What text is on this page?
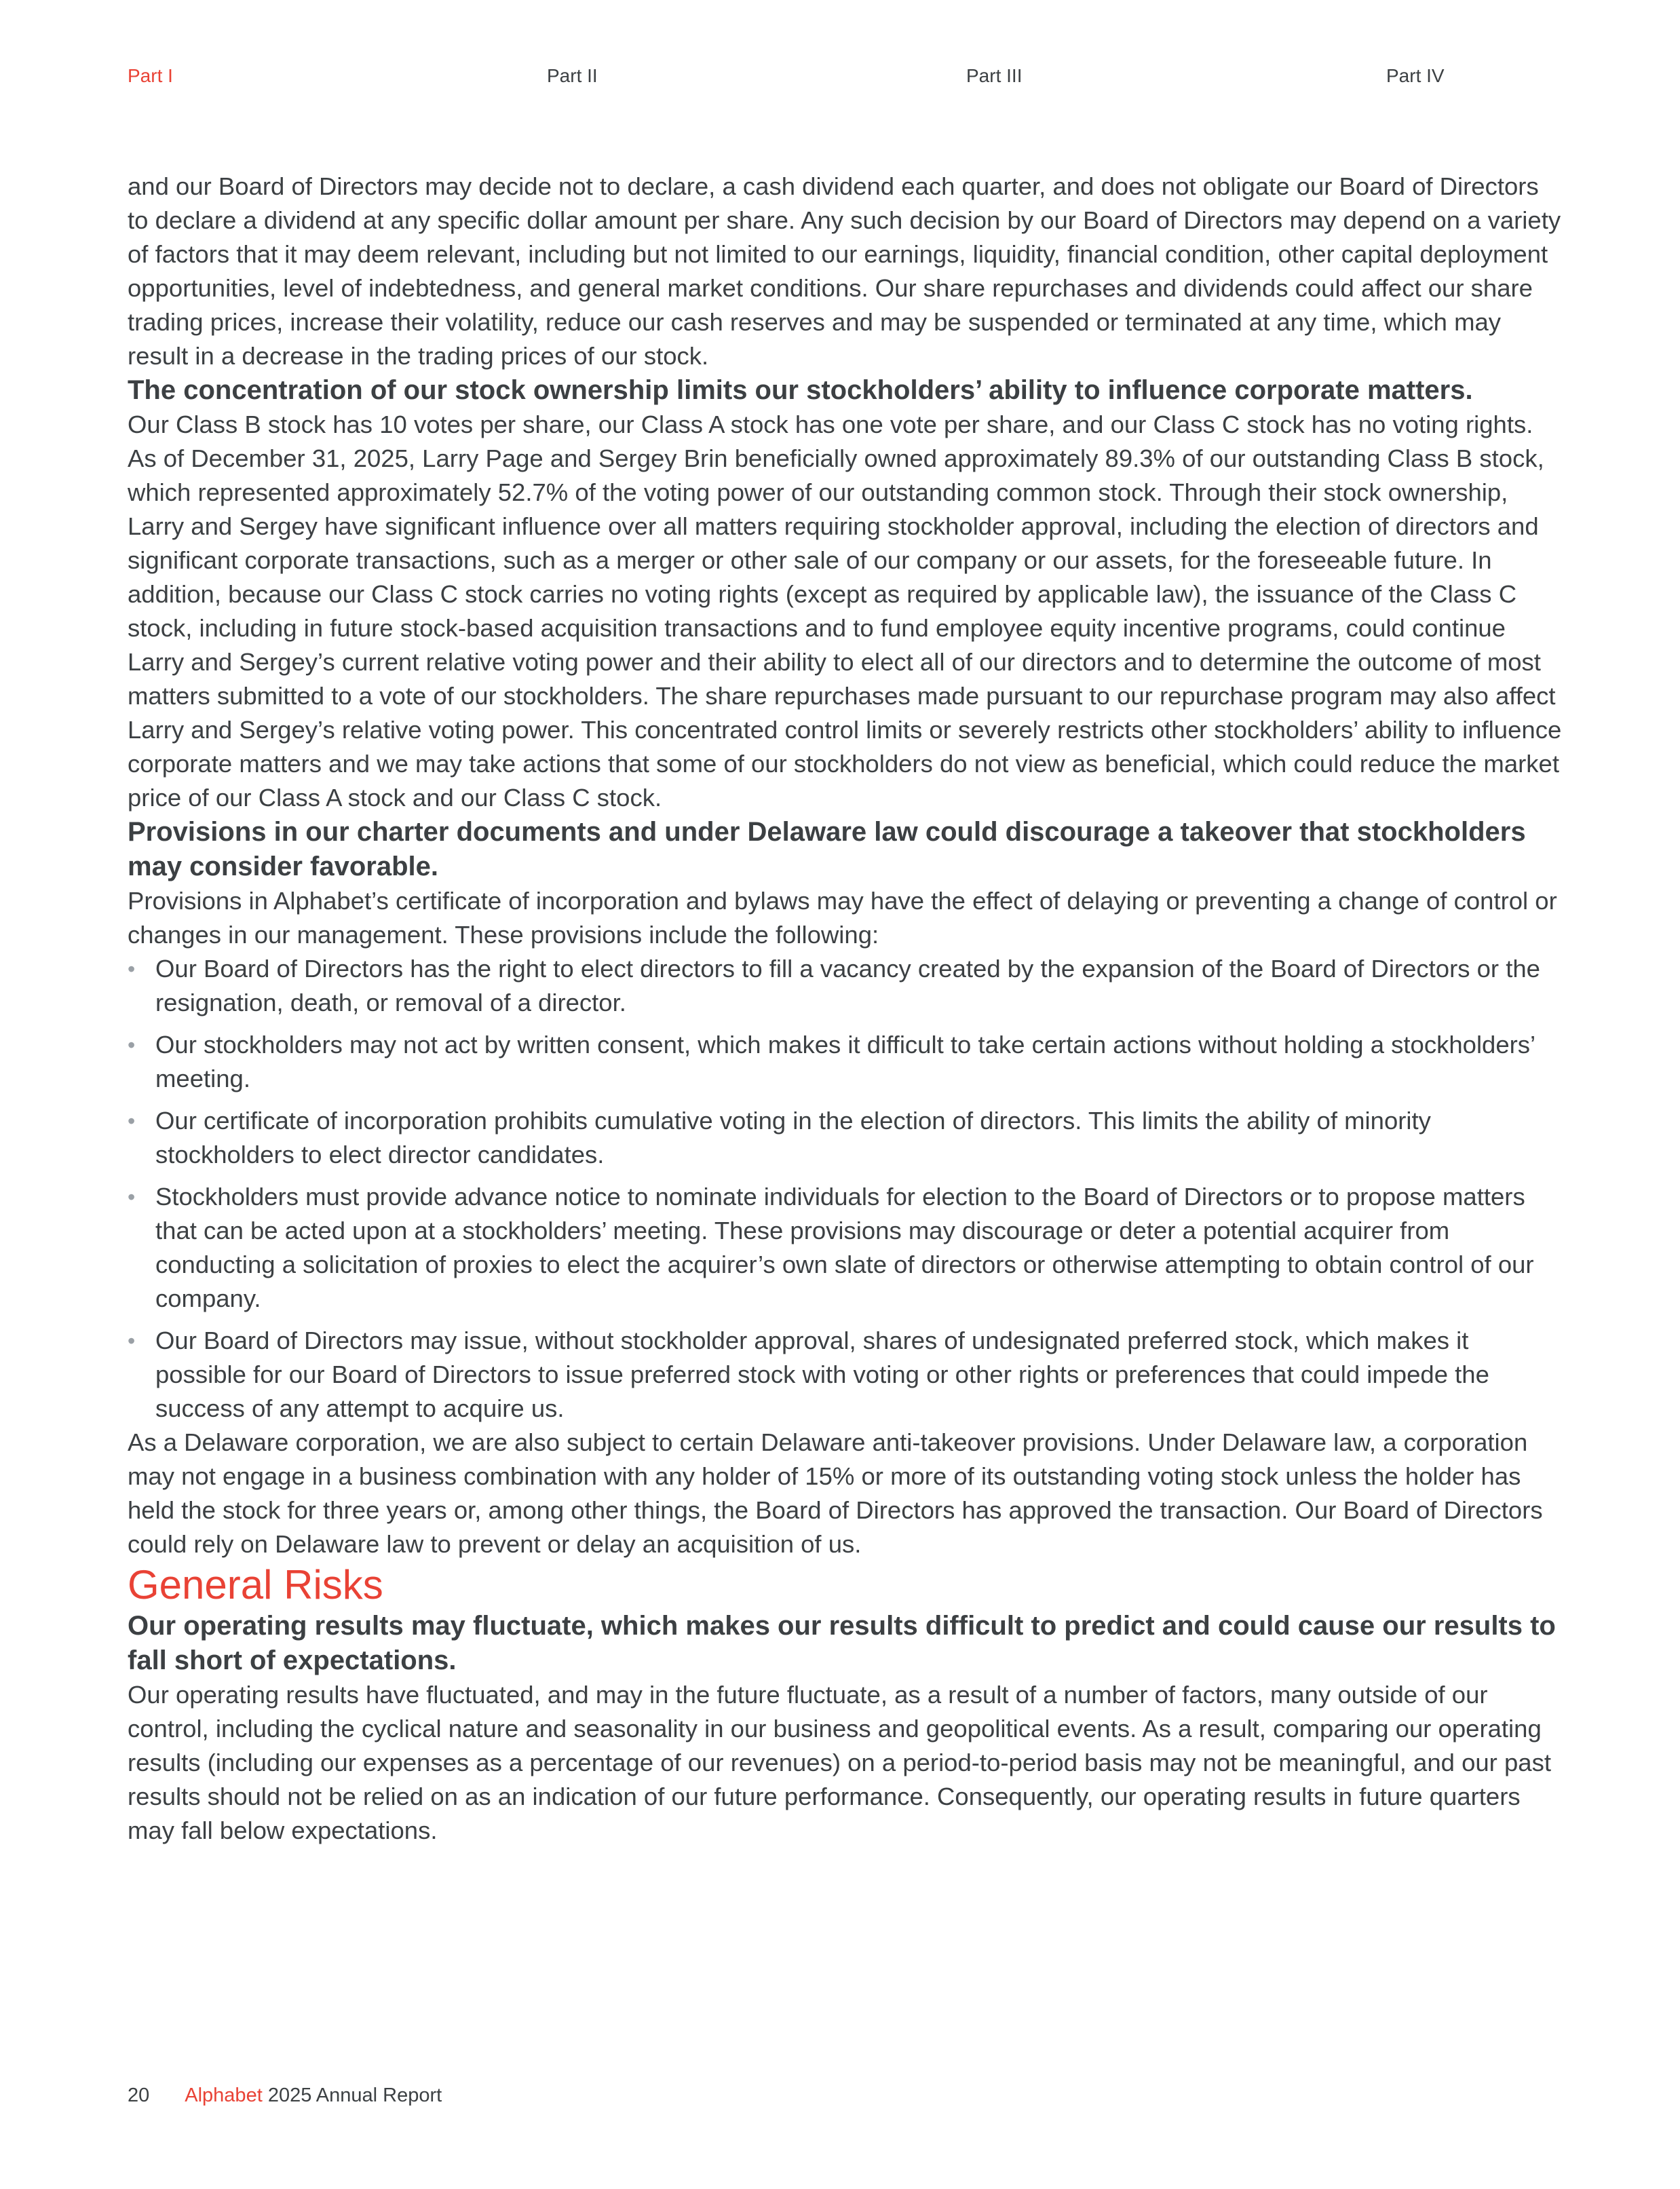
Part I	Part II	Part III	Part IV

and our Board of Directors may decide not to declare, a cash dividend each quarter, and does not obligate our Board of Directors to declare a dividend at any specific dollar amount per share. Any such decision by our Board of Directors may depend on a variety of factors that it may deem relevant, including but not limited to our earnings, liquidity, financial condition, other capital deployment opportunities, level of indebtedness, and general market conditions. Our share repurchases and dividends could affect our share trading prices, increase their volatility, reduce our cash reserves and may be suspended or terminated at any time, which may result in a decrease in the trading prices of our stock.

The concentration of our stock ownership limits our stockholders’ ability to influence corporate matters.

Our Class B stock has 10 votes per share, our Class A stock has one vote per share, and our Class C stock has no voting rights. As of December 31, 2025, Larry Page and Sergey Brin beneficially owned approximately 89.3% of our outstanding Class B stock, which represented approximately 52.7% of the voting power of our outstanding common stock. Through their stock ownership, Larry and Sergey have significant influence over all matters requiring stockholder approval, including the election of directors and significant corporate transactions, such as a merger or other sale of our company or our assets, for the foreseeable future. In addition, because our Class C stock carries no voting rights (except as required by applicable law), the issuance of the Class C stock, including in future stock-based acquisition transactions and to fund employee equity incentive programs, could continue Larry and Sergey’s current relative voting power and their ability to elect all of our directors and to determine the outcome of most matters submitted to a vote of our stockholders. The share repurchases made pursuant to our repurchase program may also affect Larry and Sergey’s relative voting power. This concentrated control limits or severely restricts other stockholders’ ability to influence corporate matters and we may take actions that some of our stockholders do not view as beneficial, which could reduce the market price of our Class A stock and our Class C stock.

Provisions in our charter documents and under Delaware law could discourage a takeover that stockholders may consider favorable.

Provisions in Alphabet’s certificate of incorporation and bylaws may have the effect of delaying or preventing a change of control or changes in our management. These provisions include the following:

• Our Board of Directors has the right to elect directors to fill a vacancy created by the expansion of the Board of Directors or the resignation, death, or removal of a director.
• Our stockholders may not act by written consent, which makes it difficult to take certain actions without holding a stockholders’ meeting.
• Our certificate of incorporation prohibits cumulative voting in the election of directors. This limits the ability of minority stockholders to elect director candidates.
• Stockholders must provide advance notice to nominate individuals for election to the Board of Directors or to propose matters that can be acted upon at a stockholders’ meeting. These provisions may discourage or deter a potential acquirer from conducting a solicitation of proxies to elect the acquirer’s own slate of directors or otherwise attempting to obtain control of our company.
• Our Board of Directors may issue, without stockholder approval, shares of undesignated preferred stock, which makes it possible for our Board of Directors to issue preferred stock with voting or other rights or preferences that could impede the success of any attempt to acquire us.

As a Delaware corporation, we are also subject to certain Delaware anti-takeover provisions. Under Delaware law, a corporation may not engage in a business combination with any holder of 15% or more of its outstanding voting stock unless the holder has held the stock for three years or, among other things, the Board of Directors has approved the transaction. Our Board of Directors could rely on Delaware law to prevent or delay an acquisition of us.

General Risks
Our operating results may fluctuate, which makes our results difficult to predict and could cause our results to fall short of expectations.

Our operating results have fluctuated, and may in the future fluctuate, as a result of a number of factors, many outside of our control, including the cyclical nature and seasonality in our business and geopolitical events. As a result, comparing our operating results (including our expenses as a percentage of our revenues) on a period-to-period basis may not be meaningful, and our past results should not be relied on as an indication of our future performance. Consequently, our operating results in future quarters may fall below expectations.

20 Alphabet 2025 Annual Report
